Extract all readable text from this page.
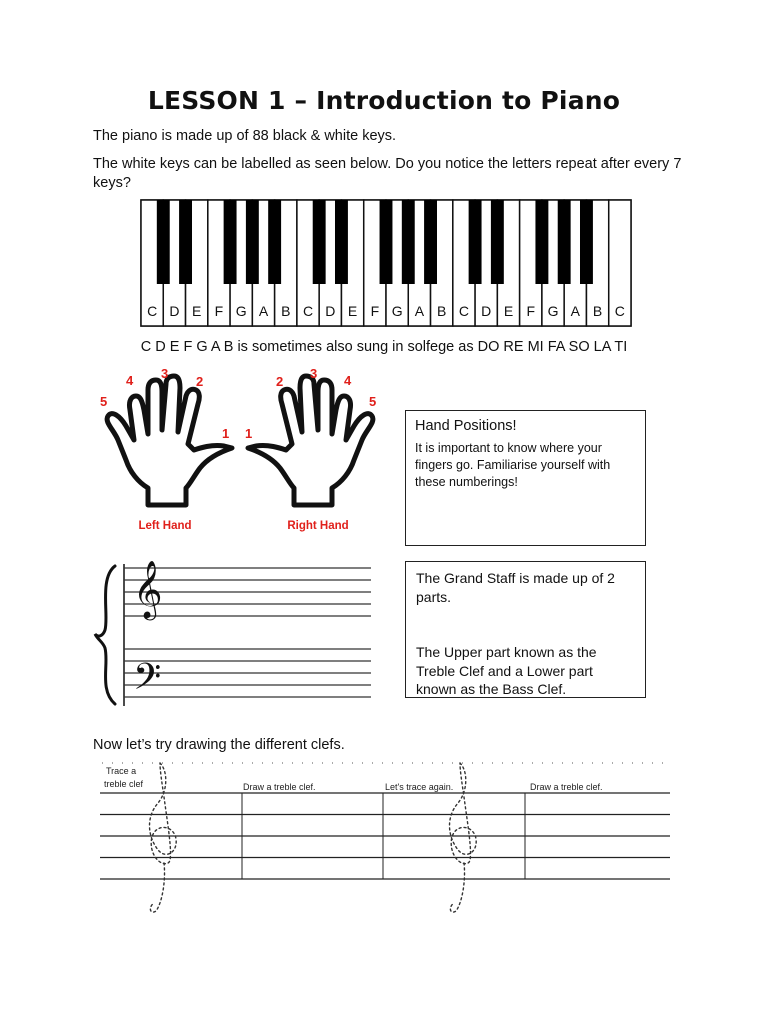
LESSON 1 – Introduction to Piano
The piano is made up of 88 black & white keys.
The white keys can be labelled as seen below. Do you notice the letters repeat after every 7 keys?
C D E F G A B C D E F G A B C D E F G A B C
C D E F G A B is sometimes also sung in solfege as DO RE MI FA SO LA TI
1
2
3
4
5
1
2
3 4
5
Left Hand	Right Hand

Hand Positions!

It is important to know where your fingers go. Familiarise yourself with these numberings!

𝄞
𝄢

The Grand Staff is made up of 2 parts.

The Upper part known as the Treble Clef and a Lower part known as the Bass Clef.

Now let’s try drawing the different clefs.
Trace a
treble clef	Draw a treble clef.	Let's trace again.	Draw a treble clef.
